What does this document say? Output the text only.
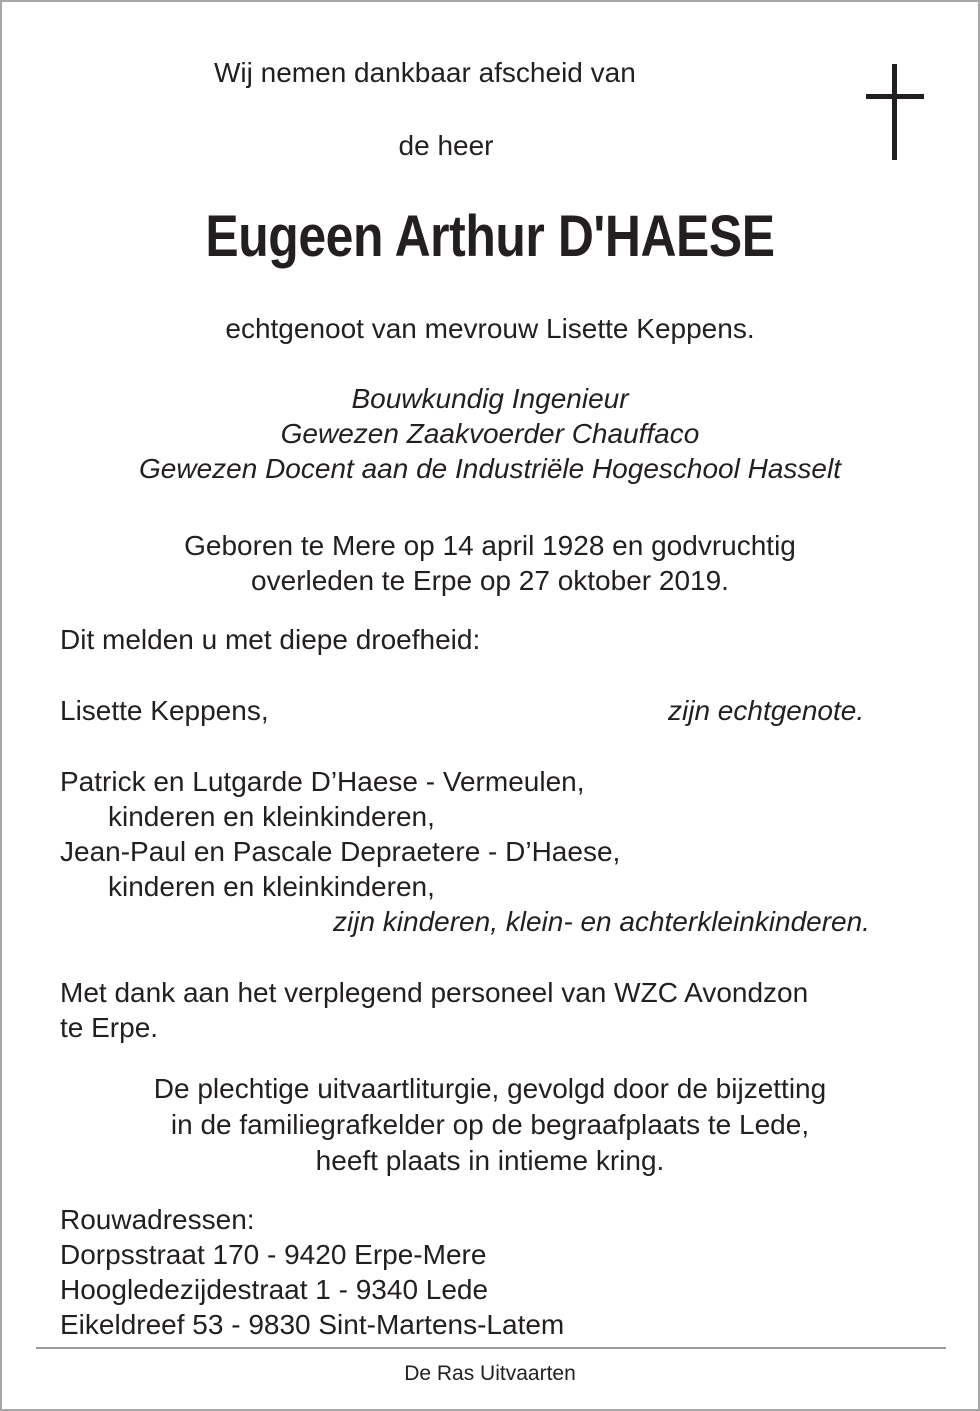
Wij nemen dankbaar afscheid van
de heer
Eugeen Arthur D'HAESE
echtgenoot van mevrouw Lisette Keppens.
Bouwkundig Ingenieur
Gewezen Zaakvoerder Chauffaco
Gewezen Docent aan de Industriële Hogeschool Hasselt
Geboren te Mere op 14 april 1928 en godvruchtig
overleden te Erpe op 27 oktober 2019.
Dit melden u met diepe droefheid:
Lisette Keppens,	zijn echtgenote.
Patrick en Lutgarde D’Haese - Vermeulen,
kinderen en kleinkinderen,
Jean-Paul en Pascale Depraetere - D’Haese,
kinderen en kleinkinderen,
zijn kinderen, klein- en achterkleinkinderen.
Met dank aan het verplegend personeel van WZC Avondzon
te Erpe.
De plechtige uitvaartliturgie, gevolgd door de bijzetting
in de familiegrafkelder op de begraafplaats te Lede,
heeft plaats in intieme kring.
Rouwadressen:
Dorpsstraat 170 - 9420 Erpe-Mere
Hoogledezijdestraat 1 - 9340 Lede
Eikeldreef 53 - 9830 Sint-Martens-Latem
De Ras Uitvaarten
